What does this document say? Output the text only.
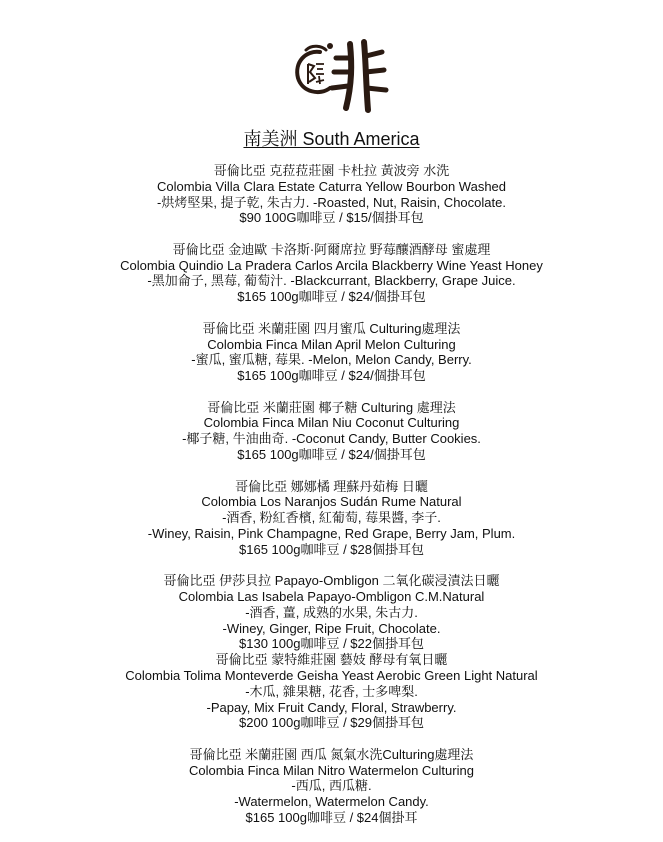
南美洲 South America
哥倫比亞 克菈菈莊園 卡杜拉 黃波旁 水洗
Colombia Villa Clara Estate Caturra Yellow Bourbon Washed
-烘烤堅果, 提子乾, 朱古力. -Roasted, Nut, Raisin, Chocolate.
$90 100G咖啡豆 / $15/個掛耳包
哥倫比亞 金迪歐 卡洛斯·阿爾席拉 野莓釀酒酵母 蜜處理
Colombia Quindio La Pradera Carlos Arcila Blackberry Wine Yeast Honey
-黑加侖子, 黑莓, 葡萄汁. -Blackcurrant, Blackberry, Grape Juice.
$165 100g咖啡豆 / $24/個掛耳包
哥倫比亞 米蘭莊園 四月蜜瓜 Culturing處理法
Colombia Finca Milan April Melon Culturing
-蜜瓜, 蜜瓜糖, 莓果. -Melon, Melon Candy, Berry.
$165 100g咖啡豆 / $24/個掛耳包
哥倫比亞 米蘭莊園 椰子糖 Culturing 處理法
Colombia Finca Milan Niu Coconut Culturing
-椰子糖, 牛油曲奇. -Coconut Candy, Butter Cookies.
$165 100g咖啡豆 / $24/個掛耳包
哥倫比亞 娜娜橘 理蘇丹茹梅 日曬
Colombia Los Naranjos Sudán Rume Natural
-酒香, 粉紅香檳, 紅葡萄, 莓果醬, 李子.
-Winey, Raisin, Pink Champagne, Red Grape, Berry Jam, Plum.
$165 100g咖啡豆 / $28個掛耳包
哥倫比亞 伊莎貝拉 Papayo-Ombligon 二氧化碳浸漬法日曬
Colombia Las Isabela Papayo-Ombligon C.M.Natural
-酒香, 薑, 成熟的水果, 朱古力.
-Winey, Ginger, Ripe Fruit, Chocolate.
$130 100g咖啡豆 / $22個掛耳包
哥倫比亞 蒙特維莊園 藝妓 酵母有氧日曬
Colombia Tolima Monteverde Geisha Yeast Aerobic Green Light Natural
-木瓜, 雜果糖, 花香, 士多啤梨.
-Papay, Mix Fruit Candy, Floral, Strawberry.
$200 100g咖啡豆 / $29個掛耳包
哥倫比亞 米蘭莊園 西瓜 氮氣水洗Culturing處理法
Colombia Finca Milan Nitro Watermelon Culturing
-西瓜, 西瓜糖.
-Watermelon, Watermelon Candy.
$165 100g咖啡豆 / $24個掛耳
